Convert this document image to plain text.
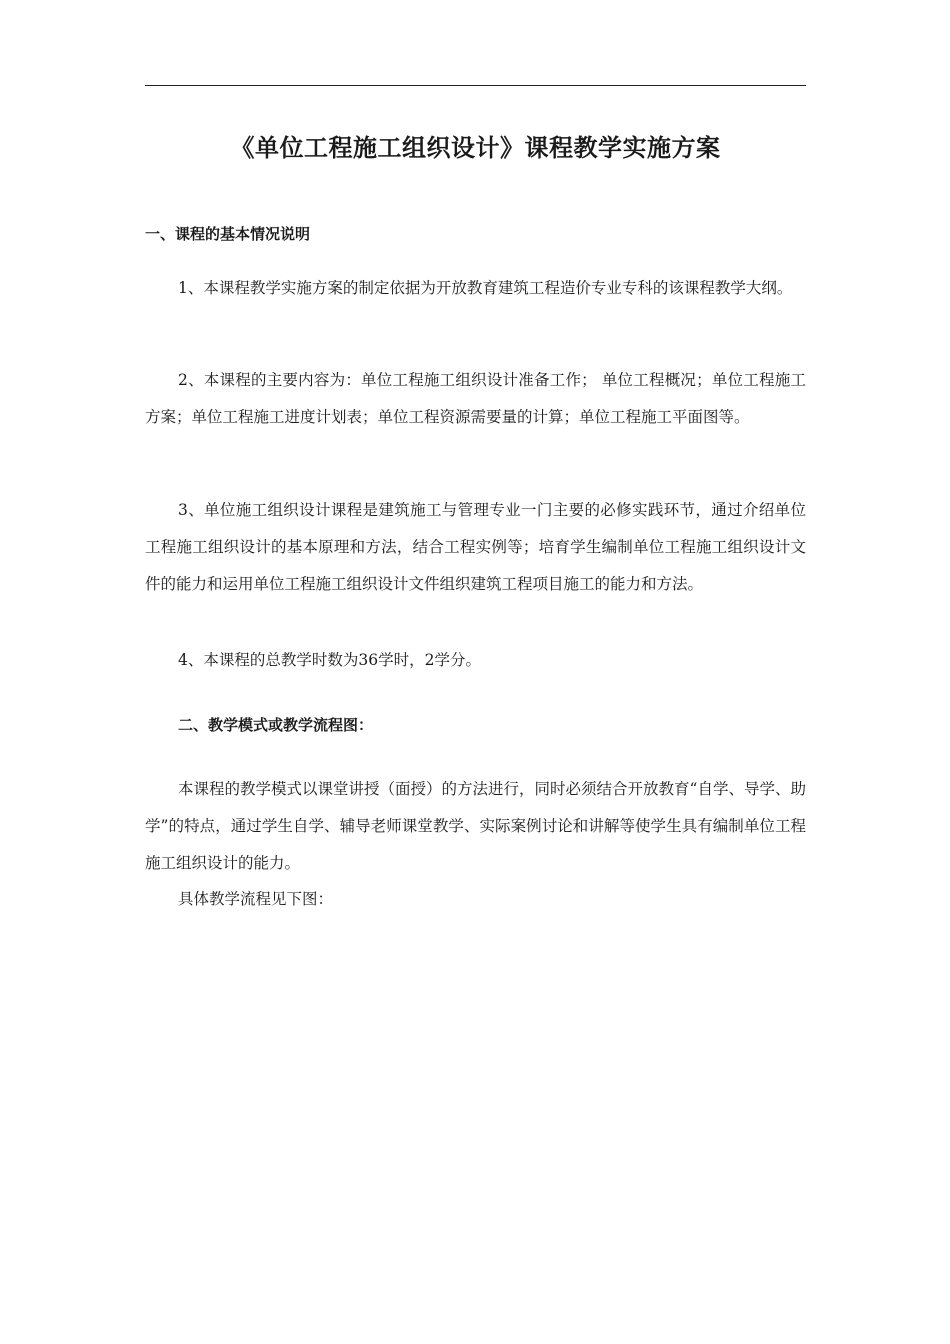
《单位工程施工组织设计》课程教学实施方案
一、课程的基本情况说明

1、本课程教学实施方案的制定依据为开放教育建筑工程造价专业专科的该课程教学大纲。

2、本课程的主要内容为：单位工程施工组织设计准备工作； 单位工程概况；单位工程施工方案；单位工程施工进度计划表；单位工程资源需要量的计算；单位工程施工平面图等。

3、单位施工组织设计课程是建筑施工与管理专业一门主要的必修实践环节，通过介绍单位工程施工组织设计的基本原理和方法，结合工程实例等；培育学生编制单位工程施工组织设计文件的能力和运用单位工程施工组织设计文件组织建筑工程项目施工的能力和方法。

4、本课程的总教学时数为36学时，2学分。

二、教学模式或教学流程图：

本课程的教学模式以课堂讲授（面授）的方法进行，同时必须结合开放教育“自学、导学、助学”的特点，通过学生自学、辅导老师课堂教学、实际案例讨论和讲解等使学生具有编制单位工程施工组织设计的能力。

具体教学流程见下图：
